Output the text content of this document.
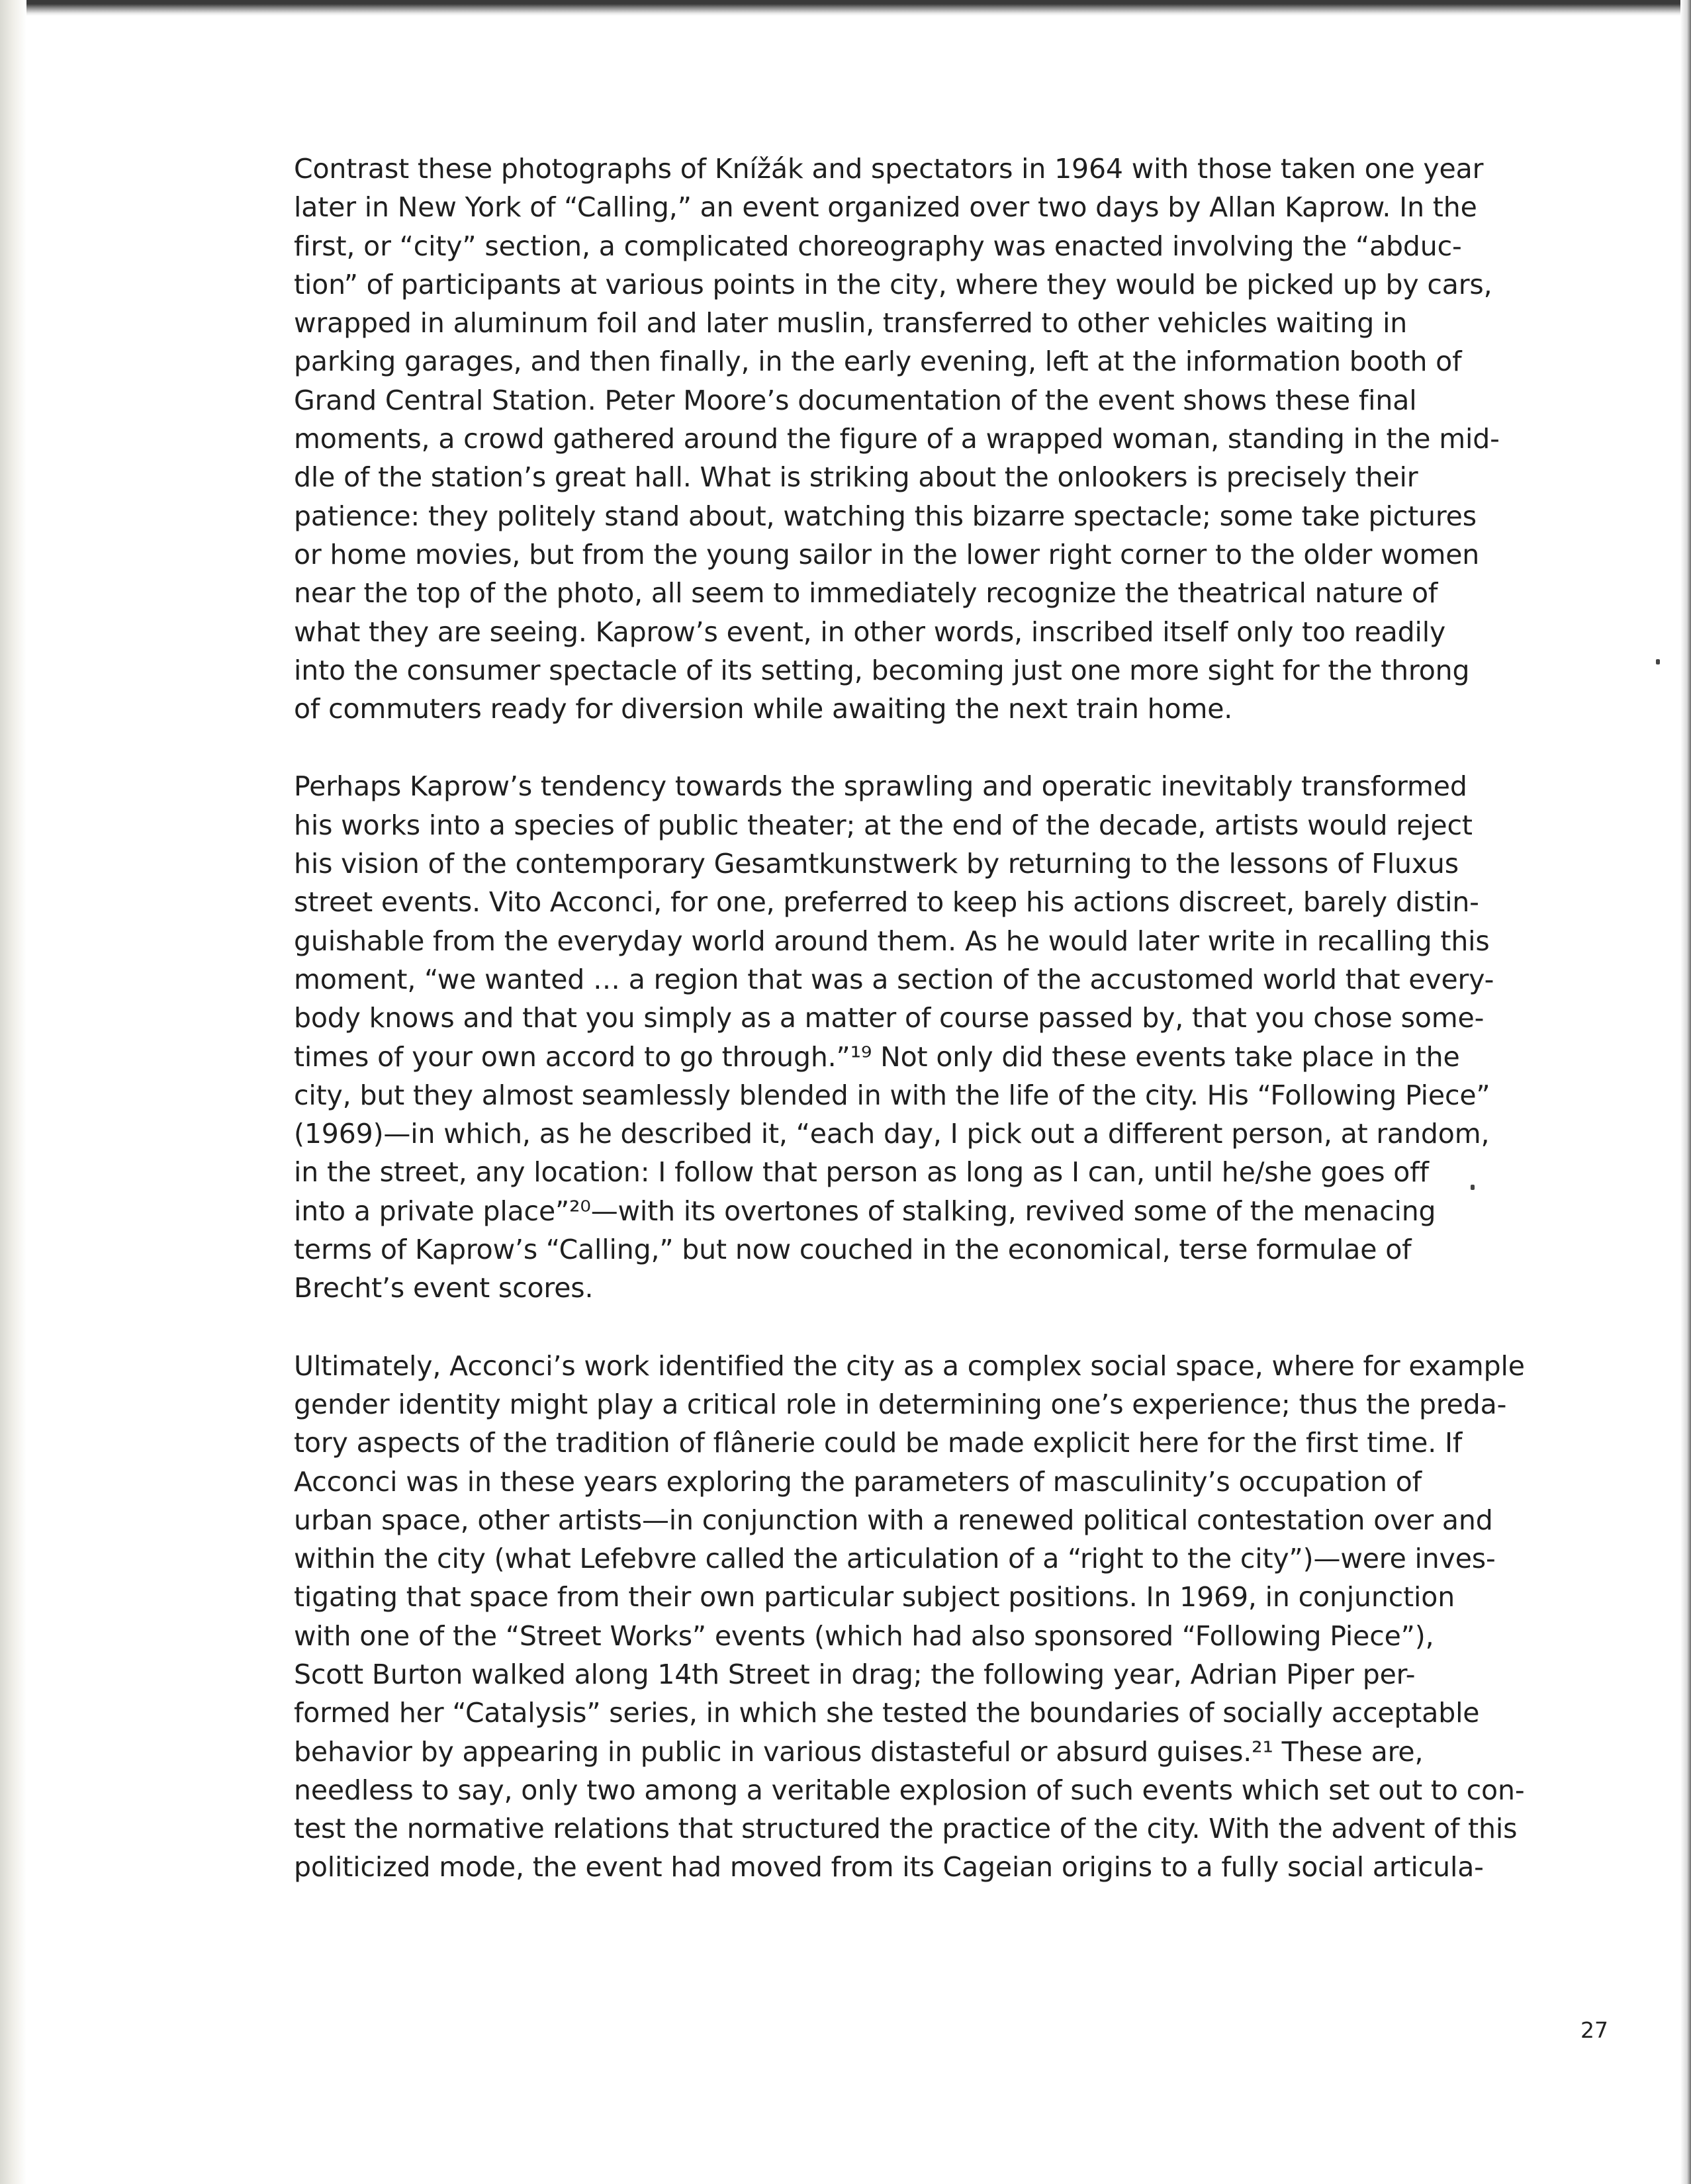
Contrast these photographs of Knížák and spectators in 1964 with those taken one year
later in New York of “Calling,” an event organized over two days by Allan Kaprow. In the
first, or “city” section, a complicated choreography was enacted involving the “abduc-
tion” of participants at various points in the city, where they would be picked up by cars,
wrapped in aluminum foil and later muslin, transferred to other vehicles waiting in
parking garages, and then finally, in the early evening, left at the information booth of
Grand Central Station. Peter Moore’s documentation of the event shows these final
moments, a crowd gathered around the figure of a wrapped woman, standing in the mid-
dle of the station’s great hall. What is striking about the onlookers is precisely their
patience: they politely stand about, watching this bizarre spectacle; some take pictures
or home movies, but from the young sailor in the lower right corner to the older women
near the top of the photo, all seem to immediately recognize the theatrical nature of
what they are seeing. Kaprow’s event, in other words, inscribed itself only too readily
into the consumer spectacle of its setting, becoming just one more sight for the throng
of commuters ready for diversion while awaiting the next train home.
Perhaps Kaprow’s tendency towards the sprawling and operatic inevitably transformed
his works into a species of public theater; at the end of the decade, artists would reject
his vision of the contemporary Gesamtkunstwerk by returning to the lessons of Fluxus
street events. Vito Acconci, for one, preferred to keep his actions discreet, barely distin-
guishable from the everyday world around them. As he would later write in recalling this
moment, “we wanted … a region that was a section of the accustomed world that every-
body knows and that you simply as a matter of course passed by, that you chose some-
times of your own accord to go through.”¹⁹ Not only did these events take place in the
city, but they almost seamlessly blended in with the life of the city. His “Following Piece”
(1969)—in which, as he described it, “each day, I pick out a different person, at random,
in the street, any location: I follow that person as long as I can, until he/she goes off
into a private place”²⁰—with its overtones of stalking, revived some of the menacing
terms of Kaprow’s “Calling,” but now couched in the economical, terse formulae of
Brecht’s event scores.
Ultimately, Acconci’s work identified the city as a complex social space, where for example
gender identity might play a critical role in determining one’s experience; thus the preda-
tory aspects of the tradition of flânerie could be made explicit here for the first time. If
Acconci was in these years exploring the parameters of masculinity’s occupation of
urban space, other artists—in conjunction with a renewed political contestation over and
within the city (what Lefebvre called the articulation of a “right to the city”)—were inves-
tigating that space from their own particular subject positions. In 1969, in conjunction
with one of the “Street Works” events (which had also sponsored “Following Piece”),
Scott Burton walked along 14th Street in drag; the following year, Adrian Piper per-
formed her “Catalysis” series, in which she tested the boundaries of socially acceptable
behavior by appearing in public in various distasteful or absurd guises.²¹ These are,
needless to say, only two among a veritable explosion of such events which set out to con-
test the normative relations that structured the practice of the city. With the advent of this
politicized mode, the event had moved from its Cageian origins to a fully social articula-
27
